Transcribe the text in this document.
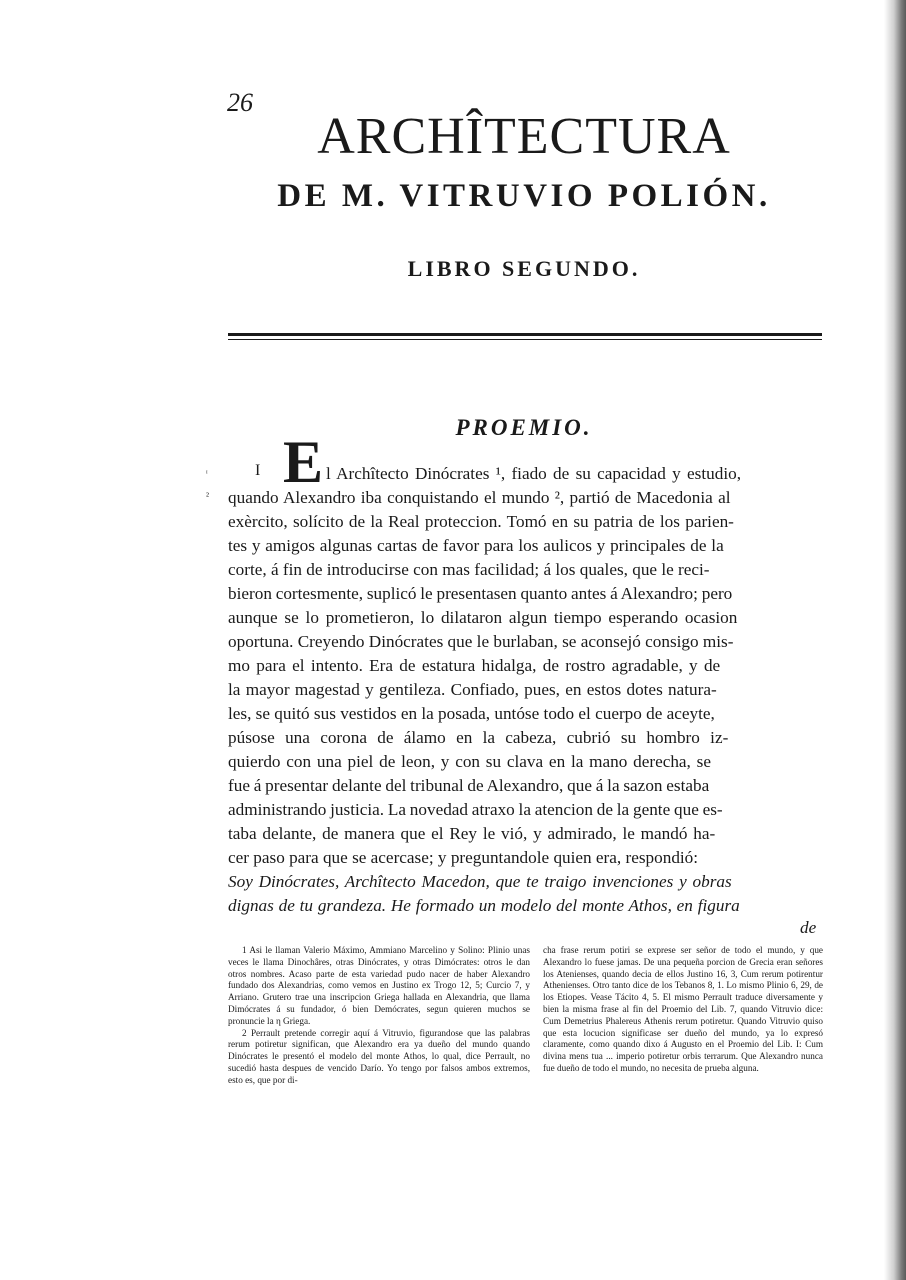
26
ARCHÎTECTURA
DE M. VITRUVIO POLIÓN.
LIBRO SEGUNDO.
PROEMIO.
ᶦ
²
I E l Archîtecto Dinócrates ¹, fiado de su capacidad y estudio,
quando Alexandro iba conquistando el mundo ², partió de Macedonia al
exèrcito, solícito de la Real proteccion. Tomó en su patria de los parien-
tes y amigos algunas cartas de favor para los aulicos y principales de la
corte, á fin de introducirse con mas facilidad; á los quales, que le reci-
bieron cortesmente, suplicó le presentasen quanto antes á Alexandro; pero
aunque se lo prometieron, lo dilataron algun tiempo esperando ocasion
oportuna. Creyendo Dinócrates que le burlaban, se aconsejó consigo mis-
mo para el intento. Era de estatura hidalga, de rostro agradable, y de
la mayor magestad y gentileza. Confiado, pues, en estos dotes natura-
les, se quitó sus vestidos en la posada, untóse todo el cuerpo de aceyte,
púsose una corona de álamo en la cabeza, cubrió su hombro iz-
quierdo con una piel de leon, y con su clava en la mano derecha, se
fue á presentar delante del tribunal de Alexandro, que á la sazon estaba
administrando justicia. La novedad atraxo la atencion de la gente que es-
taba delante, de manera que el Rey le vió, y admirado, le mandó ha-
cer paso para que se acercase; y preguntandole quien era, respondió:
Soy Dinócrates, Archîtecto Macedon, que te traigo invenciones y obras
dignas de tu grandeza. He formado un modelo del monte Athos, en figura
de

1 Asi le llaman Valerio Máximo, Ammiano Marcelino y Solino: Plinio unas veces le llama Dinochâres, otras Dinócrates, y otras Dimócrates: otros le dan otros nombres. Acaso parte de esta variedad pudo nacer de haber Alexandro fundado dos Alexandrias, como vemos en Justino ex Trogo 12, 5; Curcio 7, y Arriano. Grutero trae una inscripcion Griega hallada en Alexandria, que llama Dimócrates á su fundador, ó bien Demócrates, segun quieren muchos se pronuncie la η Griega.

2 Perrault pretende corregir aquí á Vitruvio, figurandose que las palabras rerum potiretur significan, que Alexandro era ya dueño del mundo quando Dinócrates le presentó el modelo del monte Athos, lo qual, dice Perrault, no sucedió hasta despues de vencido Darío. Yo tengo por falsos ambos extremos, esto es, que por di-

cha frase rerum potiri se exprese ser señor de todo el mundo, y que Alexandro lo fuese jamas. De una pequeña porcion de Grecia eran señores los Atenienses, quando decia de ellos Justino 16, 3, Cum rerum potirentur Athenienses. Otro tanto dice de los Tebanos 8, 1. Lo mismo Plinio 6, 29, de los Etiopes. Vease Tácito 4, 5. El mismo Perrault traduce diversamente y bien la misma frase al fin del Proemio del Lib. 7, quando Vitruvio dice: Cum Demetrius Phalereus Athenis rerum potiretur. Quando Vitruvio quiso que esta locucion significase ser dueño del mundo, ya lo expresó claramente, como quando dixo á Augusto en el Proemio del Lib. I: Cum divina mens tua ... imperio potiretur orbis terrarum. Que Alexandro nunca fue dueño de todo el mundo, no necesita de prueba alguna.
